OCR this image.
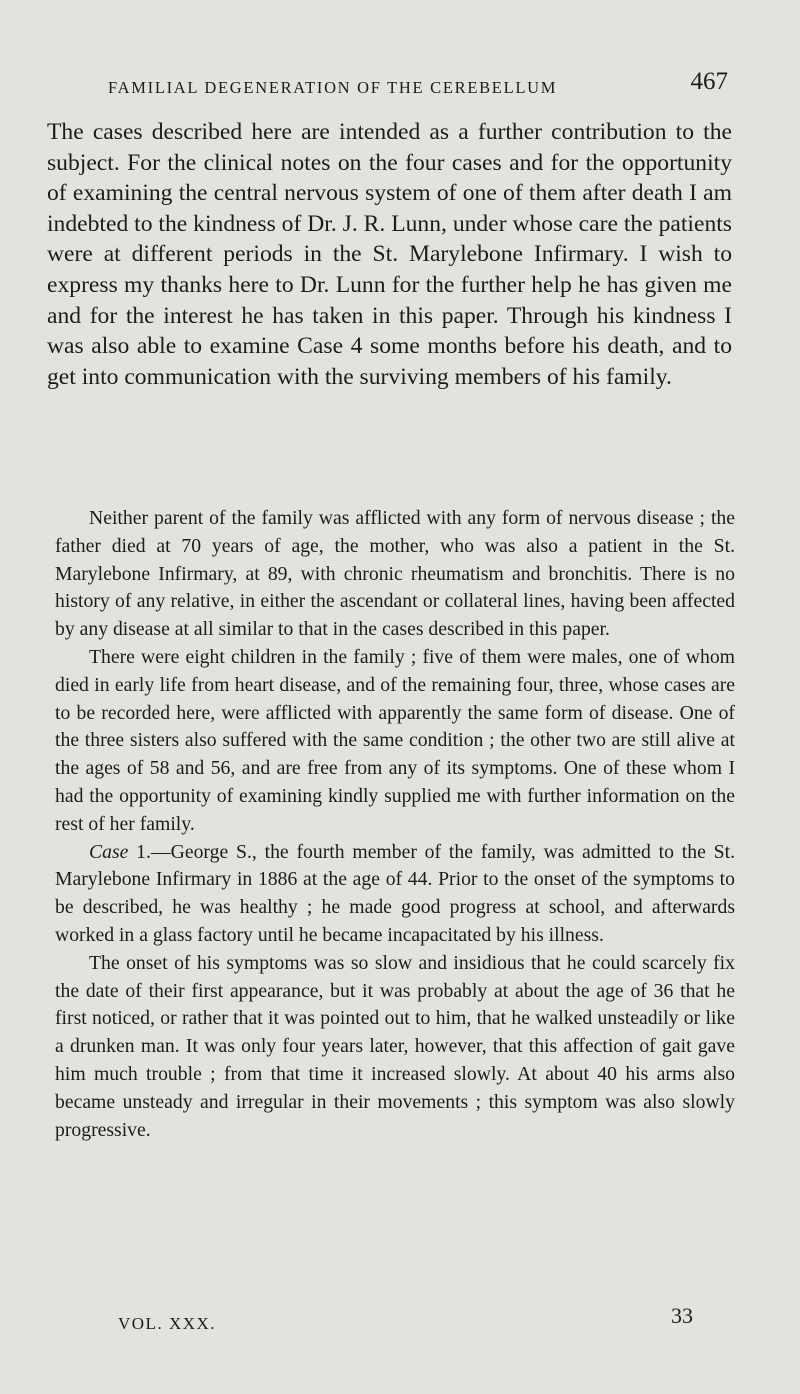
FAMILIAL DEGENERATION OF THE CEREBELLUM	467

The cases described here are intended as a further contribution to the subject. For the clinical notes on the four cases and for the opportunity of examining the central nervous system of one of them after death I am indebted to the kindness of Dr. J. R. Lunn, under whose care the patients were at different periods in the St. Marylebone Infirmary. I wish to express my thanks here to Dr. Lunn for the further help he has given me and for the interest he has taken in this paper. Through his kindness I was also able to examine Case 4 some months before his death, and to get into communication with the surviving members of his family.

Neither parent of the family was afflicted with any form of nervous disease ; the father died at 70 years of age, the mother, who was also a patient in the St. Marylebone Infirmary, at 89, with chronic rheumatism and bronchitis. There is no history of any relative, in either the ascendant or collateral lines, having been affected by any disease at all similar to that in the cases described in this paper.

There were eight children in the family ; five of them were males, one of whom died in early life from heart disease, and of the remaining four, three, whose cases are to be recorded here, were afflicted with apparently the same form of disease. One of the three sisters also suffered with the same condition ; the other two are still alive at the ages of 58 and 56, and are free from any of its symptoms. One of these whom I had the opportunity of examining kindly supplied me with further information on the rest of her family.

Case 1.—George S., the fourth member of the family, was admitted to the St. Marylebone Infirmary in 1886 at the age of 44. Prior to the onset of the symptoms to be described, he was healthy ; he made good progress at school, and afterwards worked in a glass factory until he became incapacitated by his illness.

The onset of his symptoms was so slow and insidious that he could scarcely fix the date of their first appearance, but it was probably at about the age of 36 that he first noticed, or rather that it was pointed out to him, that he walked unsteadily or like a drunken man. It was only four years later, however, that this affection of gait gave him much trouble ; from that time it increased slowly. At about 40 his arms also became unsteady and irregular in their movements ; this symptom was also slowly progressive.

VOL. XXX.	33
